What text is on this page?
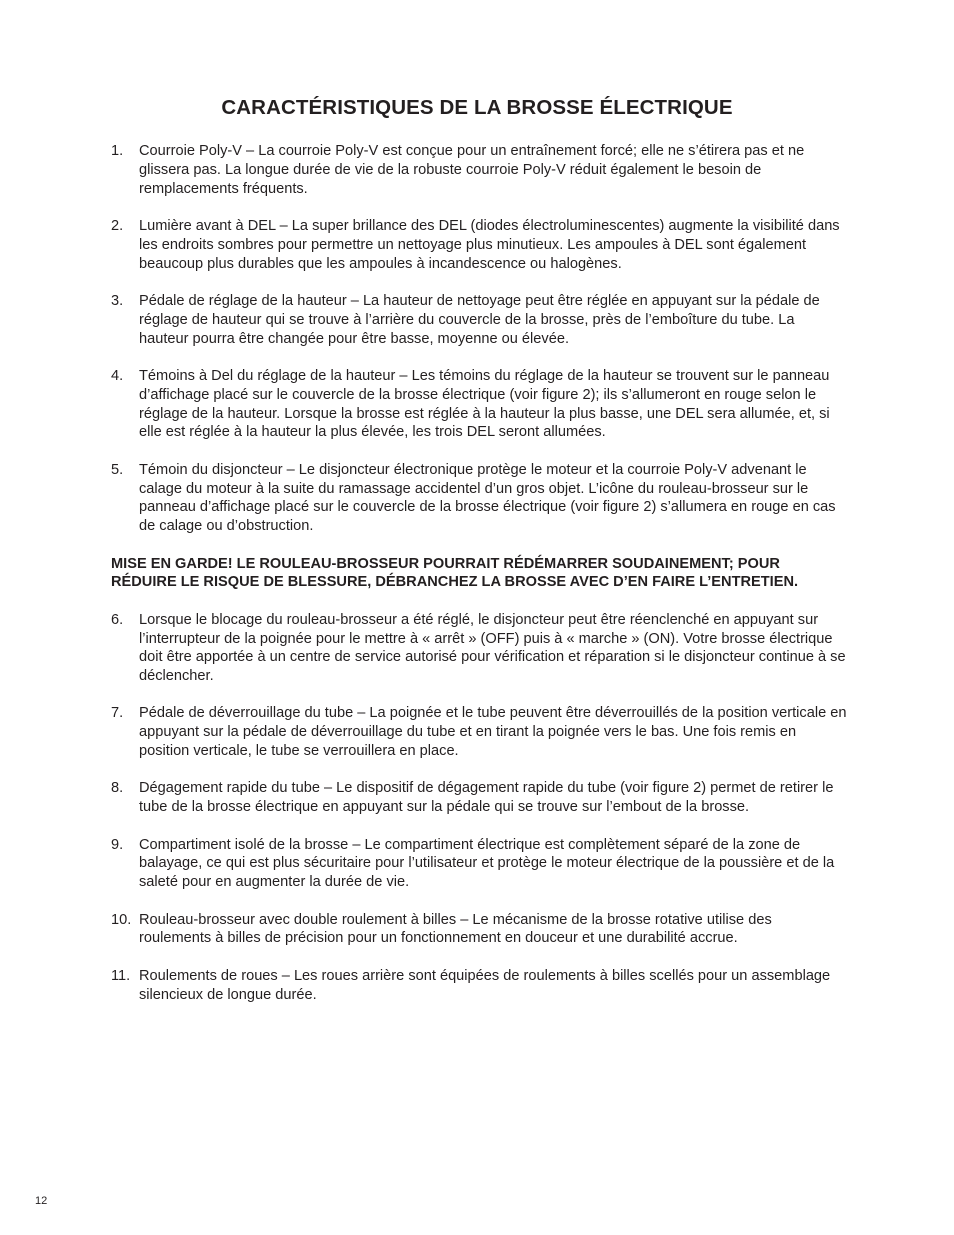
CARACTÉRISTIQUES DE LA BROSSE ÉLECTRIQUE
1. Courroie Poly-V – La courroie Poly-V est conçue pour un entraînement forcé; elle ne s’étirera pas et ne glissera pas. La longue durée de vie de la robuste courroie Poly-V réduit également le besoin de remplacements fréquents.
2. Lumière avant à DEL – La super brillance des DEL (diodes électroluminescentes) augmente la visibilité dans les endroits sombres pour permettre un nettoyage plus minutieux. Les ampoules à DEL sont également beaucoup plus durables que les ampoules à incandescence ou halogènes.
3. Pédale de réglage de la hauteur – La hauteur de nettoyage peut être réglée en appuyant sur la pédale de réglage de hauteur qui se trouve à l’arrière du couvercle de la brosse, près de l’emboîture du tube. La hauteur pourra être changée pour être basse, moyenne ou élevée.
4. Témoins à Del du réglage de la hauteur – Les témoins du réglage de la hauteur se trouvent sur le panneau d’affichage placé sur le couvercle de la brosse électrique (voir figure 2); ils s’allumeront en rouge selon le réglage de la hauteur. Lorsque la brosse est réglée à la hauteur la plus basse, une DEL sera allumée, et, si elle est réglée à la hauteur la plus élevée, les trois DEL seront allumées.
5. Témoin du disjoncteur – Le disjoncteur électronique protège le moteur et la courroie Poly-V advenant le calage du moteur à la suite du ramassage accidentel d’un gros objet. L’icône du rouleau-brosseur sur le panneau d’affichage placé sur le couvercle de la brosse électrique (voir figure 2) s’allumera en rouge en cas de calage ou d’obstruction.

MISE EN GARDE! LE ROULEAU-BROSSEUR POURRAIT RÉDÉMARRER SOUDAINEMENT; POUR RÉDUIRE LE RISQUE DE BLESSURE, DÉBRANCHEZ LA BROSSE AVEC D’EN FAIRE L’ENTRETIEN.

6. Lorsque le blocage du rouleau-brosseur a été réglé, le disjoncteur peut être réenclenché en appuyant sur l’interrupteur de la poignée pour le mettre à « arrêt » (OFF) puis à « marche » (ON). Votre brosse électrique doit être apportée à un centre de service autorisé pour vérification et réparation si le disjoncteur continue à se déclencher.
7. Pédale de déverrouillage du tube – La poignée et le tube peuvent être déverrouillés de la position verticale en appuyant sur la pédale de déverrouillage du tube et en tirant la poignée vers le bas. Une fois remis en position verticale, le tube se verrouillera en place.
8. Dégagement rapide du tube – Le dispositif de dégagement rapide du tube (voir figure 2) permet de retirer le tube de la brosse électrique en appuyant sur la pédale qui se trouve sur l’embout de la brosse.
9. Compartiment isolé de la brosse – Le compartiment électrique est complètement séparé de la zone de balayage, ce qui est plus sécuritaire pour l’utilisateur et protège le moteur électrique de la poussière et de la saleté pour en augmenter la durée de vie.
10. Rouleau-brosseur avec double roulement à billes – Le mécanisme de la brosse rotative utilise des roulements à billes de précision pour un fonctionnement en douceur et une durabilité accrue.
11. Roulements de roues – Les roues arrière sont équipées de roulements à billes scellés pour un assemblage silencieux de longue durée.
12
